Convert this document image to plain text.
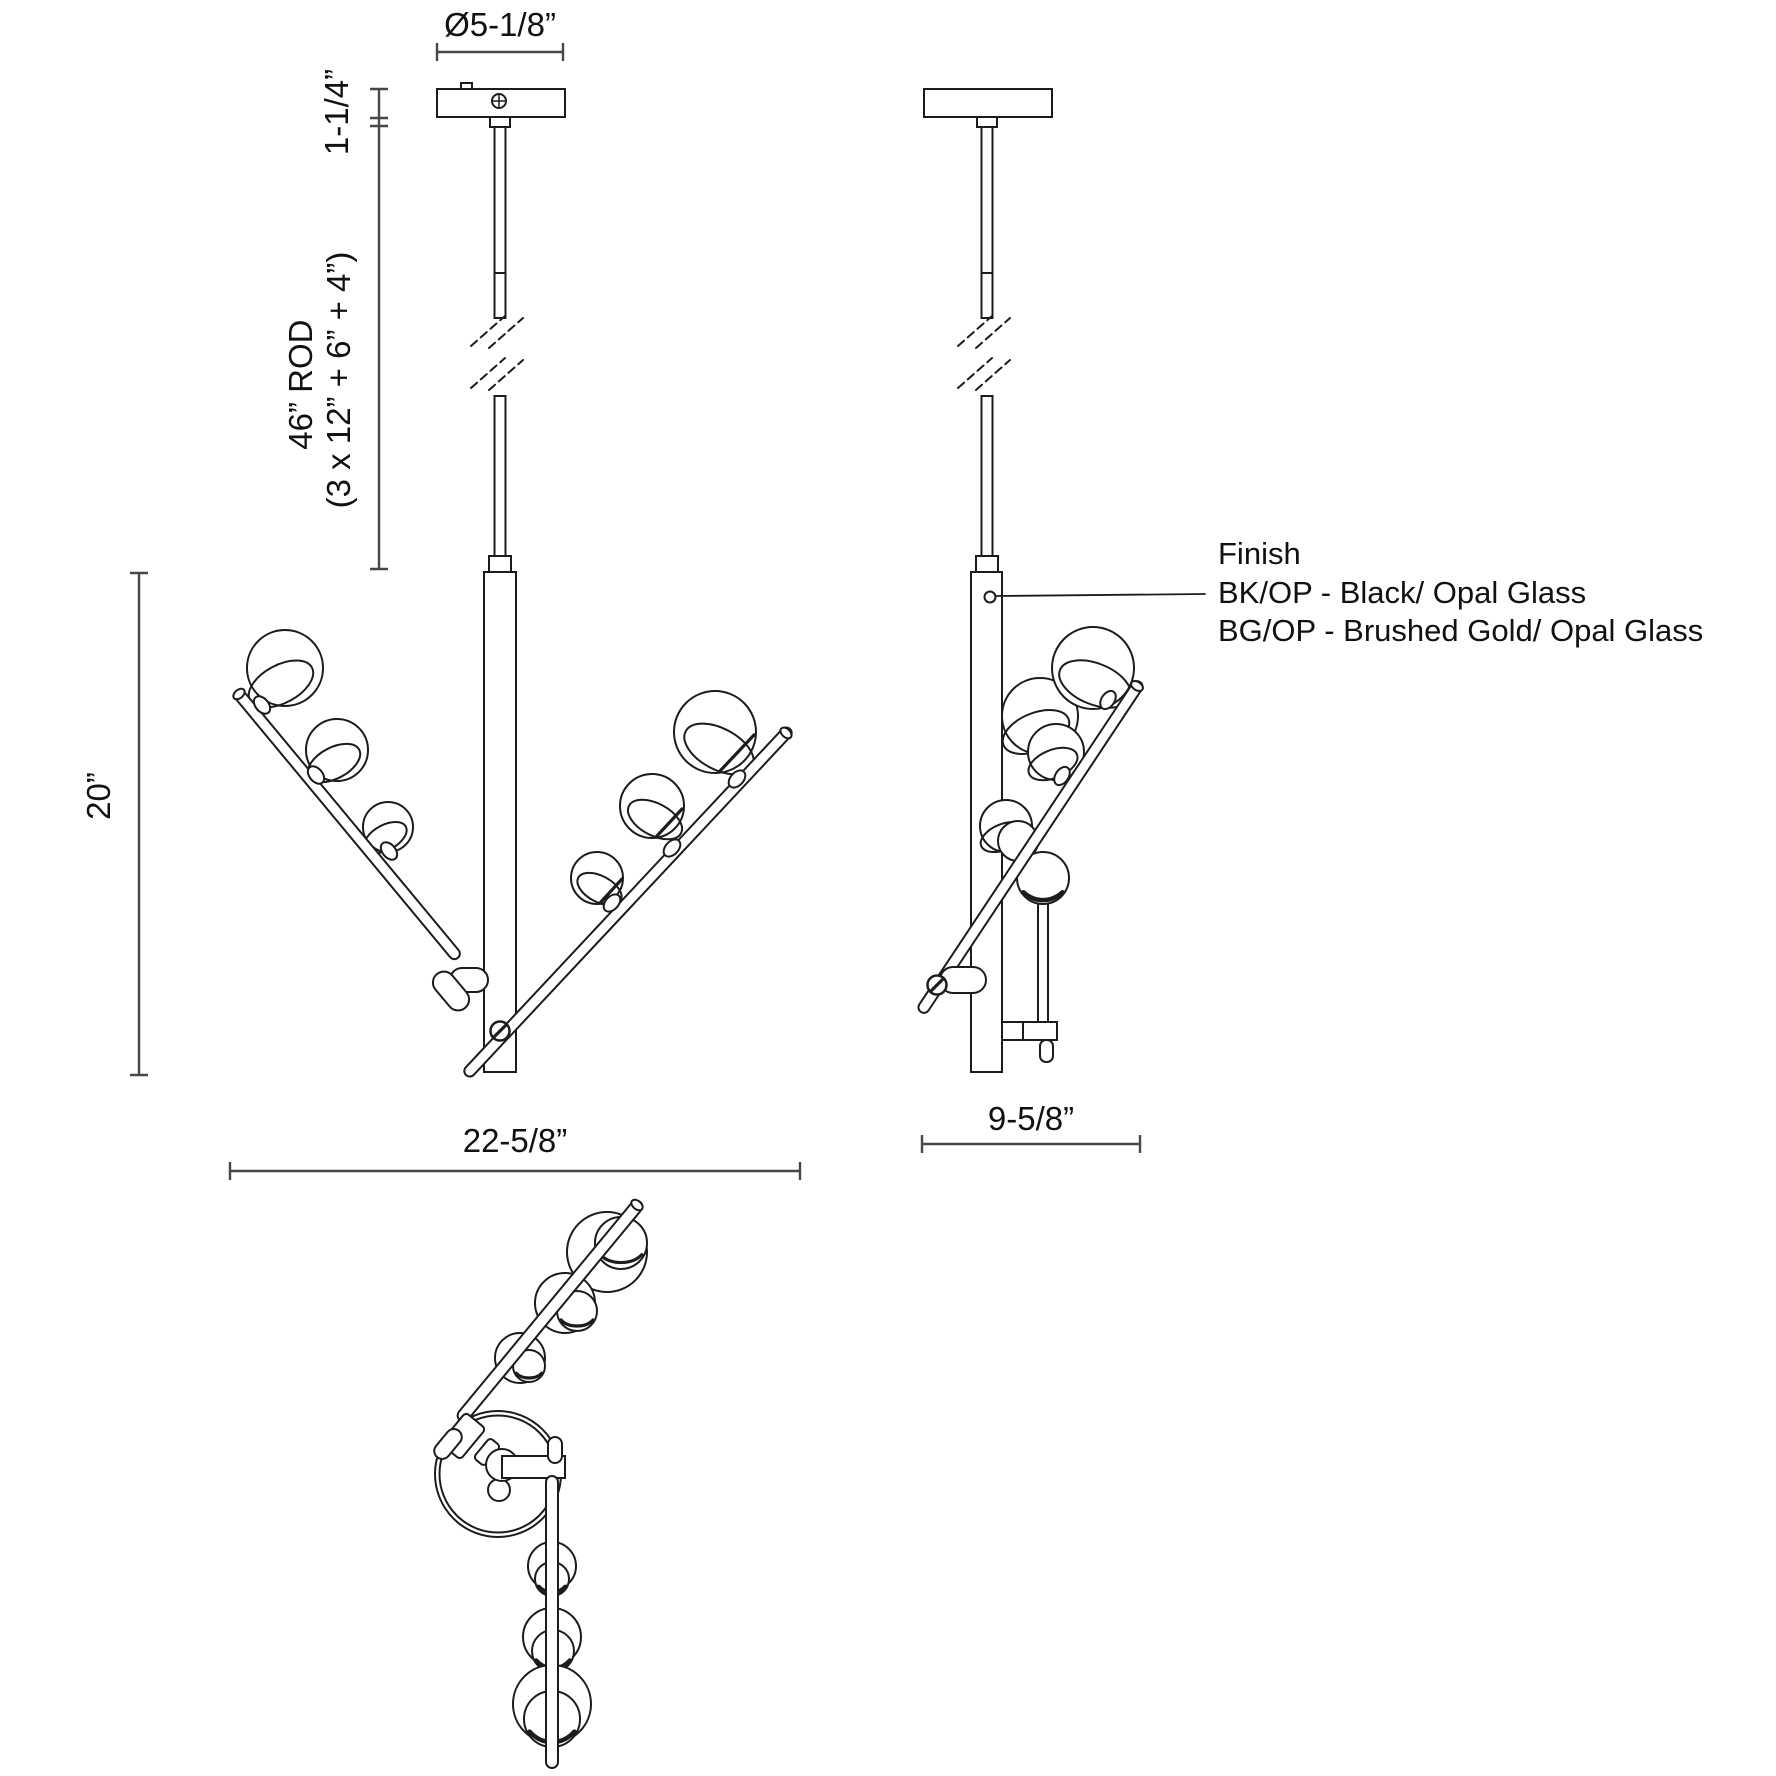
Ø5-1/8”
1-1/4”
46” ROD (3 x 12” + 6” + 4”)
20”
22-5/8”
9-5/8”
Finish
BK/OP - Black/ Opal Glass
BG/OP - Brushed Gold/ Opal Glass
